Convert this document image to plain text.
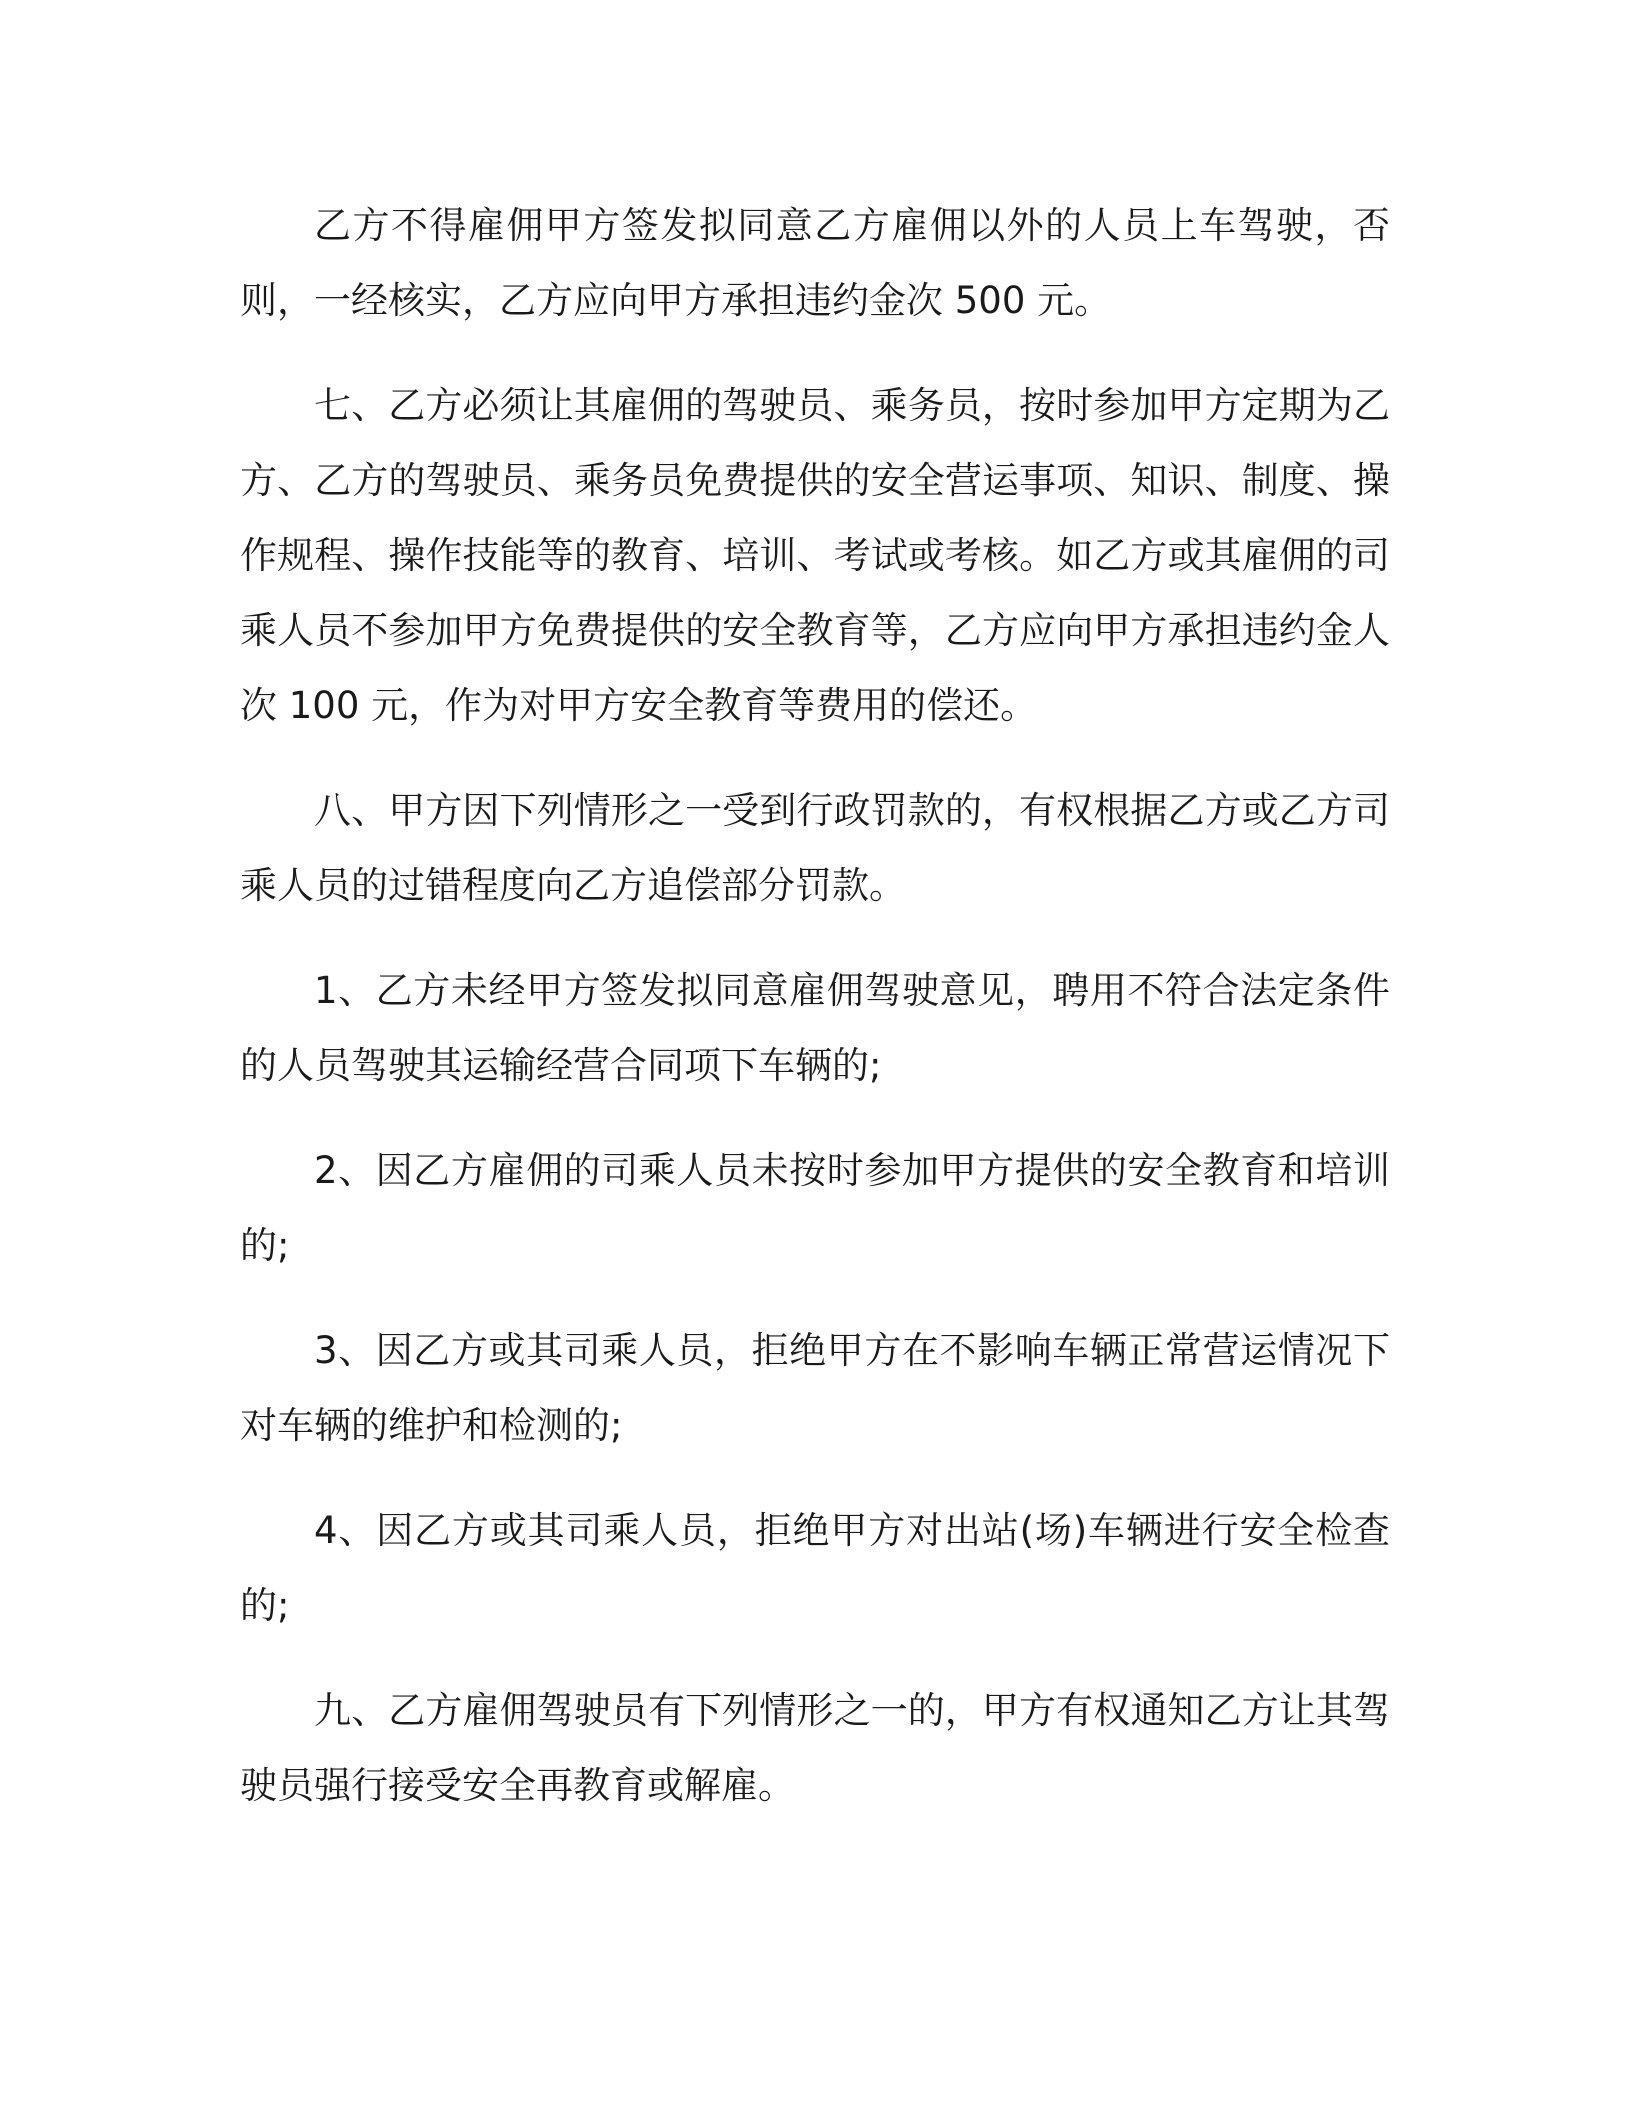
乙方不得雇佣甲方签发拟同意乙方雇佣以外的人员上车驾驶，否则，一经核实，乙方应向甲方承担违约金次 500 元。

七、乙方必须让其雇佣的驾驶员、乘务员，按时参加甲方定期为乙方、乙方的驾驶员、乘务员免费提供的安全营运事项、知识、制度、操作规程、操作技能等的教育、培训、考试或考核。如乙方或其雇佣的司乘人员不参加甲方免费提供的安全教育等，乙方应向甲方承担违约金人次 100 元，作为对甲方安全教育等费用的偿还。

八、甲方因下列情形之一受到行政罚款的，有权根据乙方或乙方司乘人员的过错程度向乙方追偿部分罚款。

1、乙方未经甲方签发拟同意雇佣驾驶意见，聘用不符合法定条件的人员驾驶其运输经营合同项下车辆的;

2、因乙方雇佣的司乘人员未按时参加甲方提供的安全教育和培训的;

3、因乙方或其司乘人员，拒绝甲方在不影响车辆正常营运情况下对车辆的维护和检测的;

4、因乙方或其司乘人员，拒绝甲方对出站(场)车辆进行安全检查的;

九、乙方雇佣驾驶员有下列情形之一的，甲方有权通知乙方让其驾驶员强行接受安全再教育或解雇。
